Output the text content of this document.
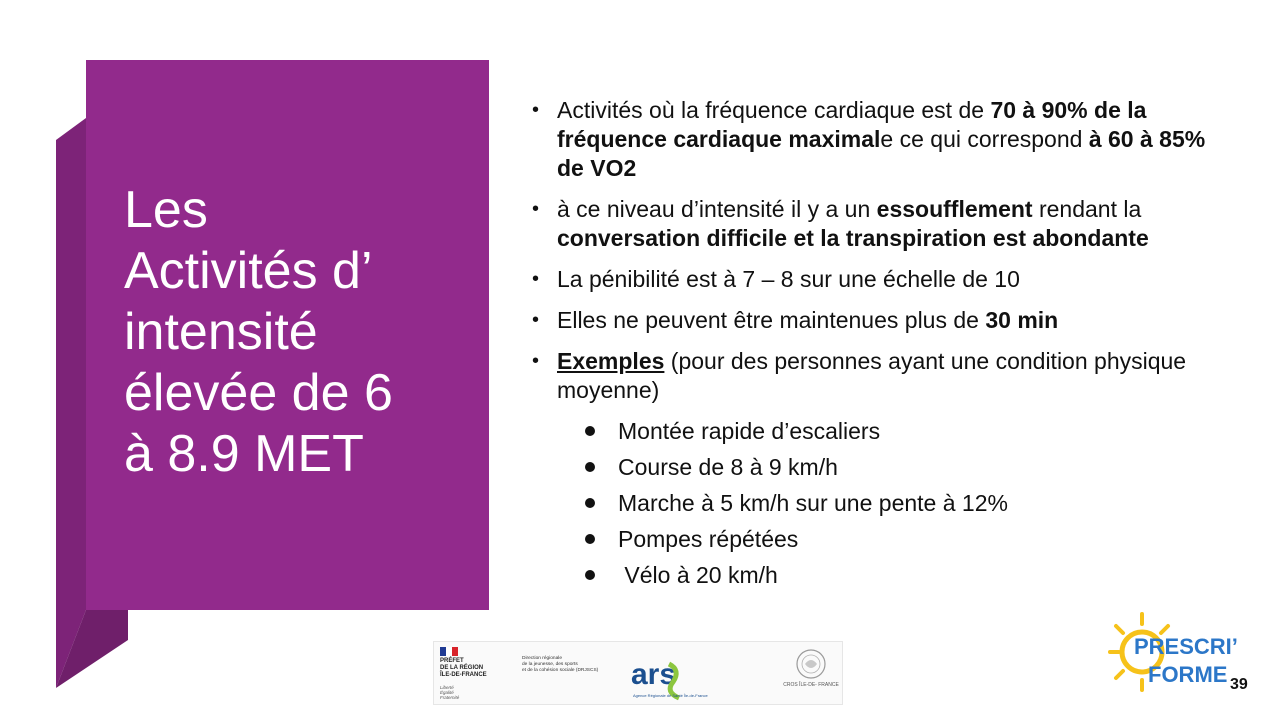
Les
Activités d’
intensité
élevée de 6
à 8.9 MET
• Activités où la fréquence cardiaque est de 70 à 90% de la fréquence cardiaque maximale ce qui correspond à 60 à 85% de VO2
• à ce niveau d’intensité il y a un essoufflement rendant la conversation difficile et la transpiration est abondante
• La pénibilité est à 7 – 8 sur une échelle de 10
• Elles ne peuvent être maintenues plus de 30 min
• Exemples (pour des personnes ayant une condition physique moyenne)
Montée rapide d’escaliers
Course de 8 à 9 km/h
Marche à 5 km/h sur une pente à 12%
Pompes répétées
Vélo à 20 km/h
PRÉFET
DE LA RÉGION
ÎLE-DE-FRANCE
Liberté
Égalité
Fraternité
Direction régionale
de la jeunesse, des sports
et de la cohésion sociale (DRJSCS) ars
Agence Régionale de Santé Île-de-France
CROS ÎLE-DE- FRANCE
PRESCRI’
FORME 39
